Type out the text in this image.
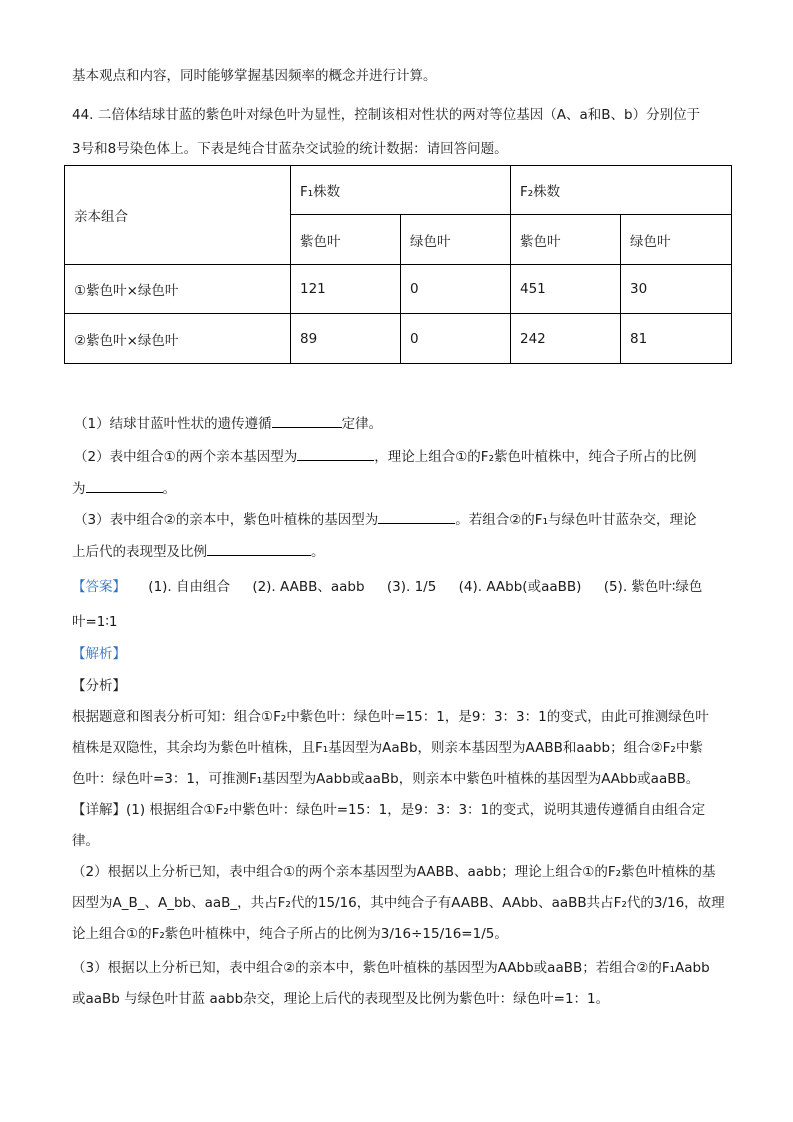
基本观点和内容，同时能够掌握基因频率的概念并进行计算。
44. 二倍体结球甘蓝的紫色叶对绿色叶为显性，控制该相对性状的两对等位基因（A、a和B、b）分别位于
3号和8号染色体上。下表是纯合甘蓝杂交试验的统计数据：请回答问题。
亲本组合	F₁株数		F₂株数	
	紫色叶	绿色叶	紫色叶	绿色叶
①紫色叶×绿色叶	121	0	451	30
②紫色叶×绿色叶	89	0	242	81
（1）结球甘蓝叶性状的遗传遵循	定律。
（2）表中组合①的两个亲本基因型为	，理论上组合①的F₂紫色叶植株中，纯合子所占的比例
为	。
（3）表中组合②的亲本中，紫色叶植株的基因型为	。若组合②的F₁与绿色叶甘蓝杂交，理论
上后代的表现型及比例	。
【答案】 (1). 自由组合 (2). AABB、aabb (3). 1/5 (4). AAbb(或aaBB) (5). 紫色叶∶绿色
叶=1∶1
【解析】
【分析】
根据题意和图表分析可知：组合①F₂中紫色叶：绿色叶=15：1，是9：3：3：1的变式，由此可推测绿色叶
植株是双隐性，其余均为紫色叶植株，且F₁基因型为AaBb，则亲本基因型为AABB和aabb；组合②F₂中紫
色叶：绿色叶=3：1，可推测F₁基因型为Aabb或aaBb，则亲本中紫色叶植株的基因型为AAbb或aaBB。
【详解】(1) 根据组合①F₂中紫色叶：绿色叶=15：1，是9：3：3：1的变式，说明其遗传遵循自由组合定
律。
（2）根据以上分析已知，表中组合①的两个亲本基因型为AABB、aabb；理论上组合①的F₂紫色叶植株的基
因型为A_B_、A_bb、aaB_，共占F₂代的15/16，其中纯合子有AABB、AAbb、aaBB共占F₂代的3/16，故理
论上组合①的F₂紫色叶植株中，纯合子所占的比例为3/16÷15/16=1/5。
（3）根据以上分析已知，表中组合②的亲本中，紫色叶植株的基因型为AAbb或aaBB；若组合②的F₁Aabb
或aaBb 与绿色叶甘蓝 aabb杂交，理论上后代的表现型及比例为紫色叶：绿色叶=1：1。
